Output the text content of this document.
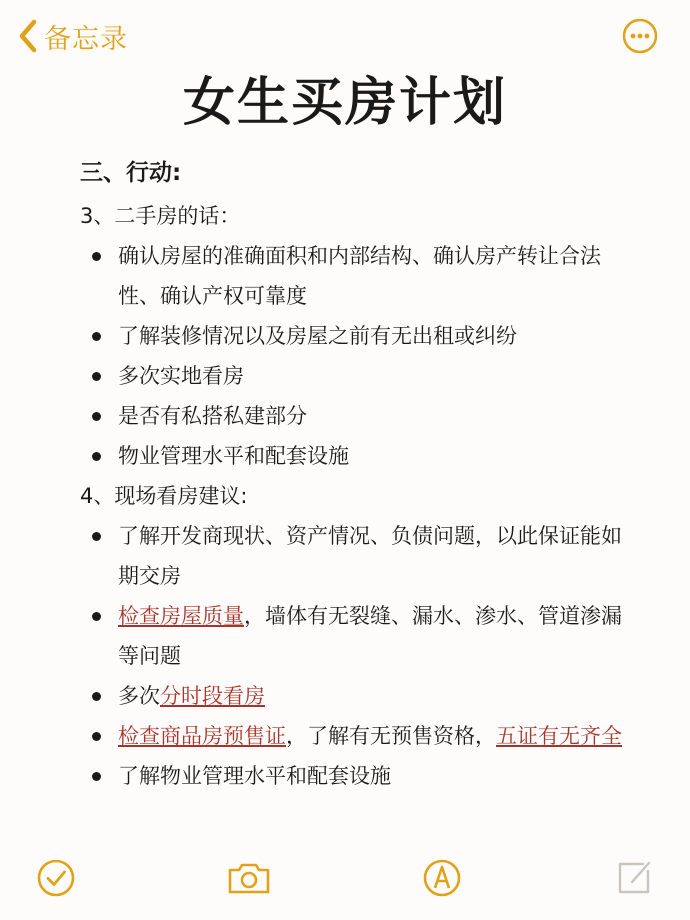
备忘录
女生买房计划
三、行动:
3、二手房的话：
确认房屋的准确面积和内部结构、确认房产转让合法性、确认产权可靠度
了解装修情况以及房屋之前有无出租或纠纷
多次实地看房
是否有私搭私建部分
物业管理水平和配套设施
4、现场看房建议:
了解开发商现状、资产情况、负债问题，以此保证能如期交房
检查房屋质量，墙体有无裂缝、漏水、渗水、管道渗漏等问题
多次分时段看房
检查商品房预售证，了解有无预售资格，五证有无齐全
了解物业管理水平和配套设施
